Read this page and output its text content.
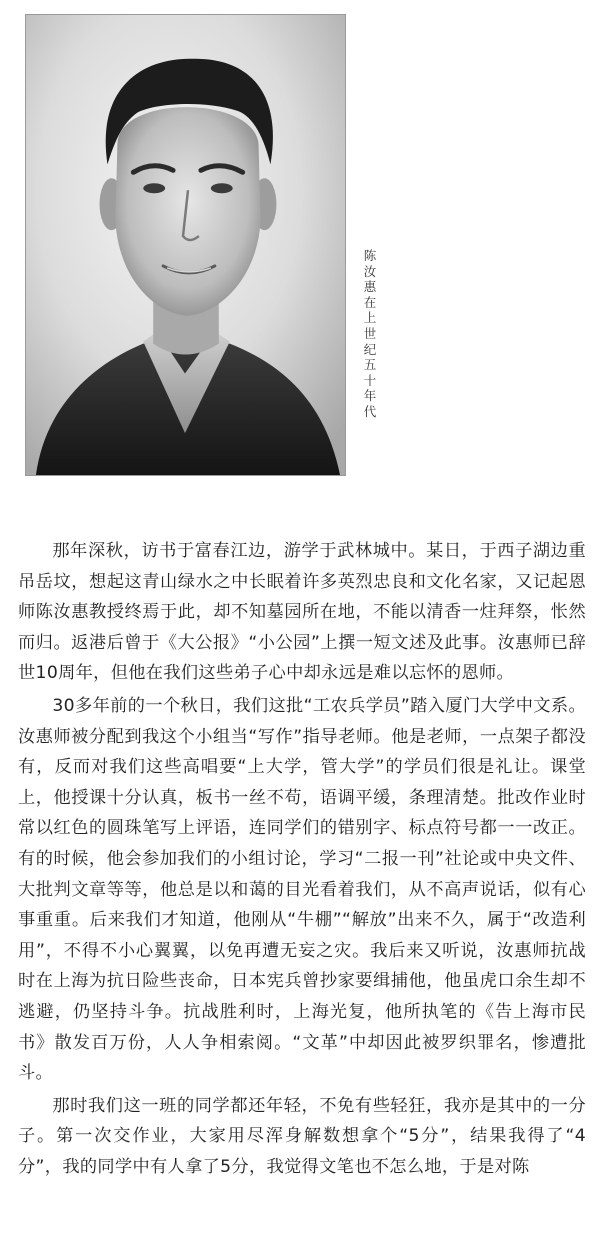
陈汝惠在上世纪五十年代

那年深秋，访书于富春江边，游学于武林城中。某日，于西子湖边重吊岳坟，想起这青山绿水之中长眠着许多英烈忠良和文化名家，又记起恩师陈汝惠教授终焉于此，却不知墓园所在地，不能以清香一炷拜祭，怅然而归。返港后曾于《大公报》“小公园”上撰一短文述及此事。汝惠师已辞世10周年，但他在我们这些弟子心中却永远是难以忘怀的恩师。

30多年前的一个秋日，我们这批“工农兵学员”踏入厦门大学中文系。汝惠师被分配到我这个小组当“写作”指导老师。他是老师，一点架子都没有，反而对我们这些高唱要“上大学，管大学”的学员们很是礼让。课堂上，他授课十分认真，板书一丝不苟，语调平缓，条理清楚。批改作业时常以红色的圆珠笔写上评语，连同学们的错别字、标点符号都一一改正。有的时候，他会参加我们的小组讨论，学习“二报一刊”社论或中央文件、大批判文章等等，他总是以和蔼的目光看着我们，从不高声说话，似有心事重重。后来我们才知道，他刚从“牛棚”“解放”出来不久，属于“改造利用”，不得不小心翼翼，以免再遭无妄之灾。我后来又听说，汝惠师抗战时在上海为抗日险些丧命，日本宪兵曾抄家要缉捕他，他虽虎口余生却不逃避，仍坚持斗争。抗战胜利时，上海光复，他所执笔的《告上海市民书》散发百万份，人人争相索阅。“文革”中却因此被罗织罪名，惨遭批斗。

那时我们这一班的同学都还年轻，不免有些轻狂，我亦是其中的一分子。第一次交作业，大家用尽浑身解数想拿个“5分”，结果我得了“4分”，我的同学中有人拿了5分，我觉得文笔也不怎么地，于是对陈
